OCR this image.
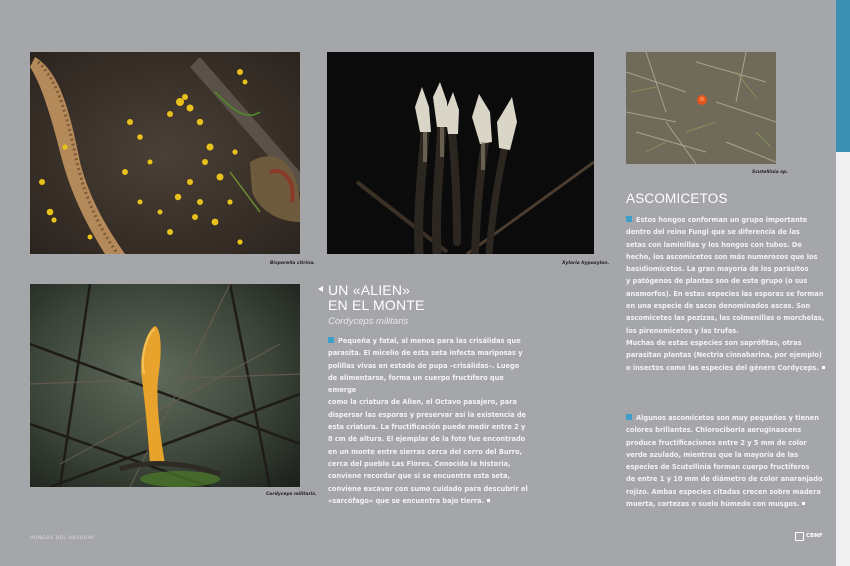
Bisporella citrina.	Xylaria hypoxylon.
Cordyceps militaris.
Scutellinia sp.
UN «ALIEN»
EN EL MONTE
Cordyceps militaris

Pequeña y fatal, al menos para las crisálidas que

parasita. El micelio de esta seta infecta mariposas y

polillas vivas en estado de pupa –crisálidas–. Luego

de alimentarse, forma un cuerpo fructífero que emerge

como la criatura de Alien, el Octavo pasajero, para

dispersar las esporas y preservar así la existencia de

esta criatura. La fructificación puede medir entre 2 y

8 cm de altura. El ejemplar de la foto fue encontrado

en un monte entre sierras cerca del cerro del Burro,

cerca del pueblo Las Flores. Conocida la historia,

conviene recordar que si se encuentra esta seta,

conviene excavar con sumo cuidado para descubrir el

«sarcófago» que se encuentra bajo tierra.

ASCOMICETOS

Estos hongos conforman un grupo importante

dentro del reino Fungi que se diferencia de las

setas con laminillas y los hongos con tubos. De

hecho, los ascomicetos son más numerosos que los

basidiomicetos. La gran mayoría de los parásitos

y patógenos de plantas son de este grupo (o sus

anamorfos). En estas especies las esporas se forman

en una especie de sacos denominados ascas. Son

ascomicetes las pezizas, las colmenillas o morchelas,

los pirenomicetos y las trufas.

Muchas de estas especies son saprófitas, otras

parasitan plantas (Nectria cinnabarina, por ejemplo)

o insectos como las especies del género Cordyceps.

Algunos ascomicetos son muy pequeños y tienen

colores brillantes. Chlorociboria aeruginascens

produce fructificaciones entre 2 y 5 mm de color

verde azulado, mientras que la mayoría de las

especies de Scutellinia forman cuerpo fructíferos

de entre 1 y 10 mm de diámetro de color anaranjado

rojizo. Ambas especies citadas crecen sobre madera

muerta, cortezas o suelo húmedo con musgos.

HONGOS DEL URUGUAY	CBNF
